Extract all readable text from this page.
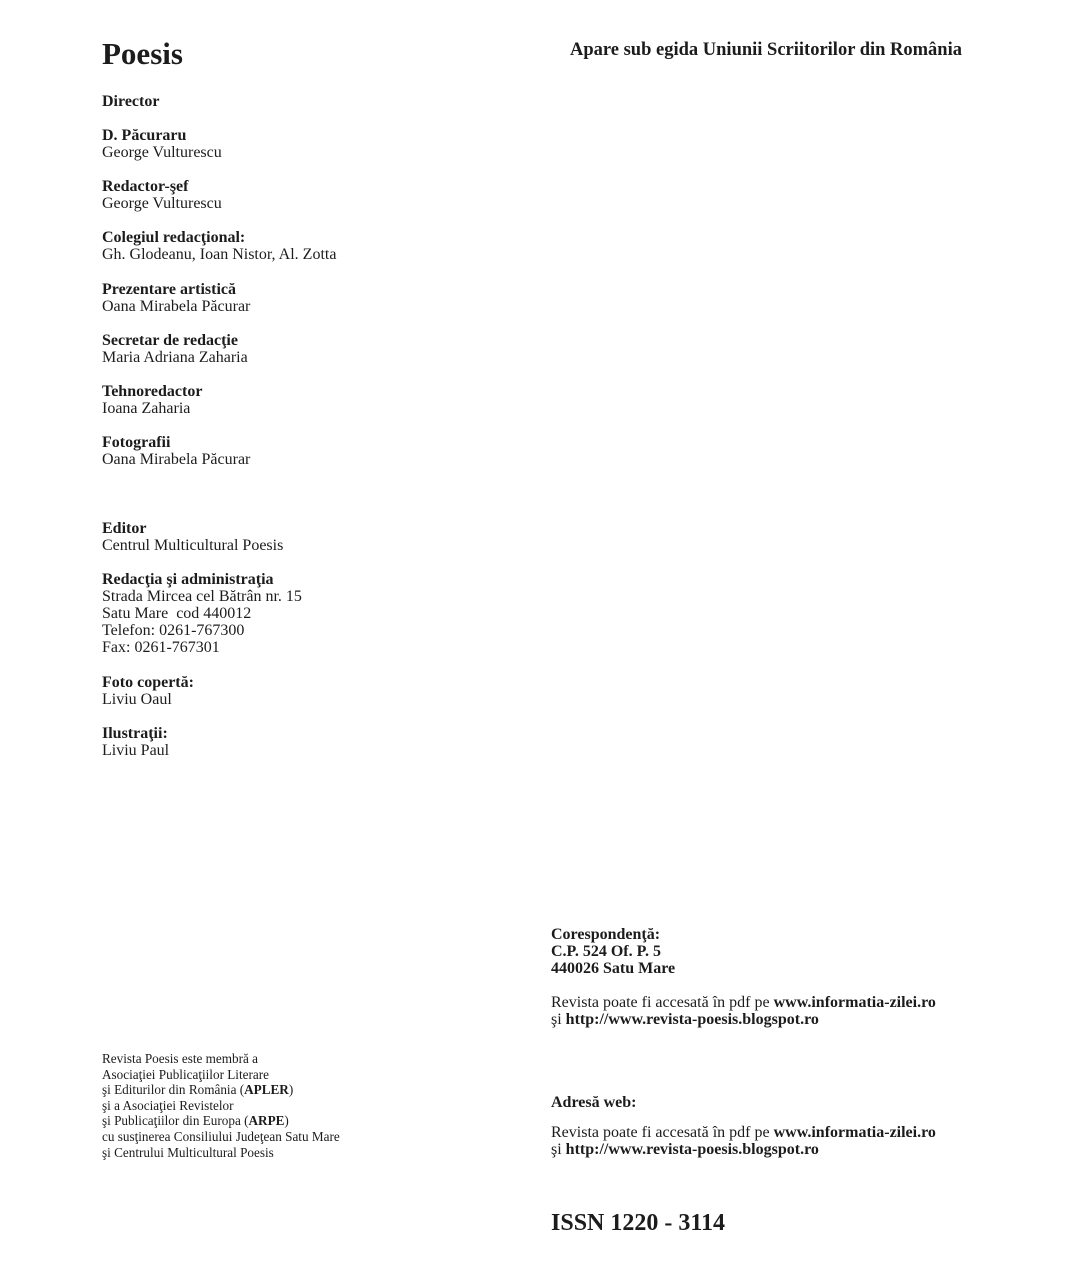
Poesis	Apare sub egida Uniunii Scriitorilor din România
Director
D. Păcuraru
George Vulturescu
Redactor-şef
George Vulturescu
Colegiul redacţional:
Gh. Glodeanu, Ioan Nistor, Al. Zotta
Prezentare artistică
Oana Mirabela Păcurar
Secretar de redacţie
Maria Adriana Zaharia
Tehnoredactor
Ioana Zaharia
Fotografii
Oana Mirabela Păcurar
Editor
Centrul Multicultural Poesis
Redacţia şi administraţia
Strada Mircea cel Bătrân nr. 15
Satu Mare  cod 440012
Telefon: 0261-767300
Fax: 0261-767301
Foto copertă:
Liviu Oaul
Ilustraţii:
Liviu Paul
Revista Poesis este membră a
Asociaţiei Publicaţiilor Literare
şi Editurilor din România (APLER)
şi a Asociaţiei Revistelor
şi Publicaţiilor din Europa (ARPE)
cu susţinerea Consiliului Judeţean Satu Mare
şi Centrului Multicultural Poesis
Corespondenţă:
C.P. 524 Of. P. 5
440026 Satu Mare
Revista poate fi accesată în pdf pe www.informatia-zilei.ro
şi http://www.revista-poesis.blogspot.ro
Adresă web:
Revista poate fi accesată în pdf pe www.informatia-zilei.ro
şi http://www.revista-poesis.blogspot.ro
ISSN 1220 - 3114
